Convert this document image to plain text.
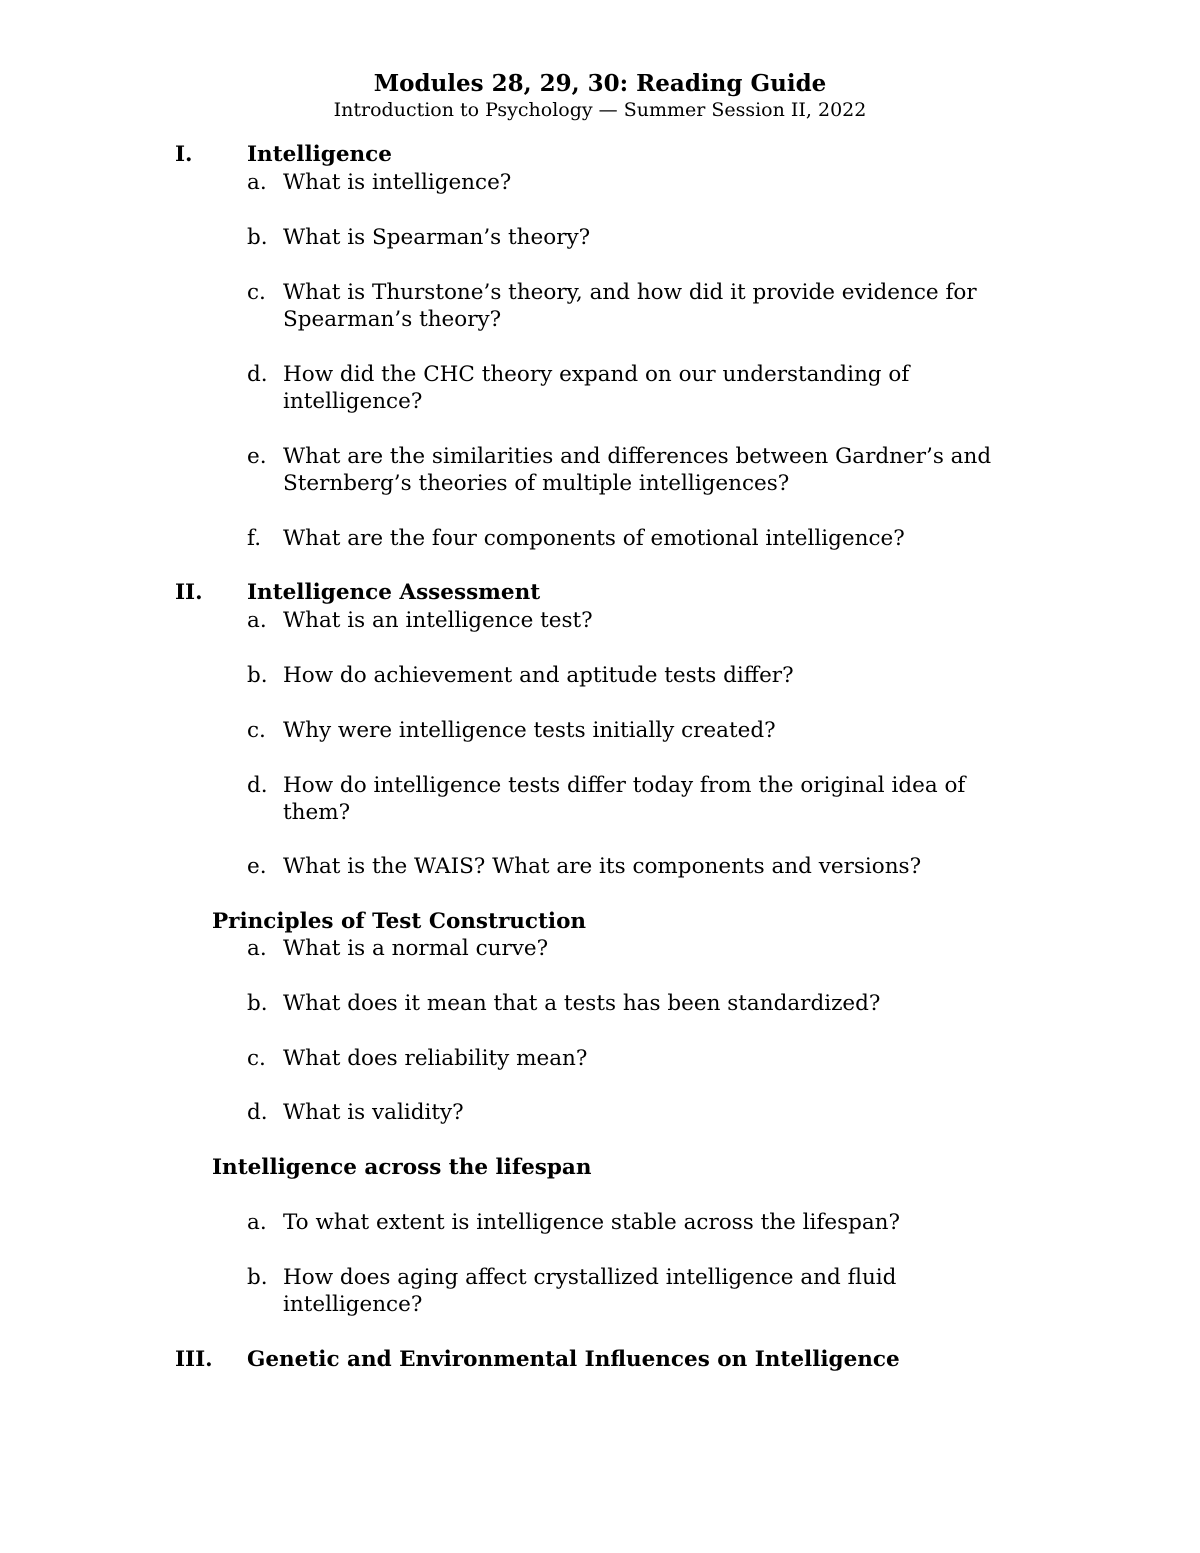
Modules 28, 29, 30: Reading Guide
Introduction to Psychology — Summer Session II, 2022
I.	Intelligence
a. What is intelligence?
b. What is Spearman’s theory?
c. What is Thurstone’s theory, and how did it provide evidence for
Spearman’s theory?
d. How did the CHC theory expand on our understanding of
intelligence?
e. What are the similarities and differences between Gardner’s and
Sternberg’s theories of multiple intelligences?
f. What are the four components of emotional intelligence?
II. Intelligence Assessment
a. What is an intelligence test?
b. How do achievement and aptitude tests differ?
c. Why were intelligence tests initially created?
d. How do intelligence tests differ today from the original idea of
them?
e. What is the WAIS? What are its components and versions?
Principles of Test Construction
a. What is a normal curve?
b. What does it mean that a tests has been standardized?
c. What does reliability mean?
d. What is validity?
Intelligence across the lifespan
a. To what extent is intelligence stable across the lifespan?
b. How does aging affect crystallized intelligence and fluid
intelligence?
III. Genetic and Environmental Influences on Intelligence
